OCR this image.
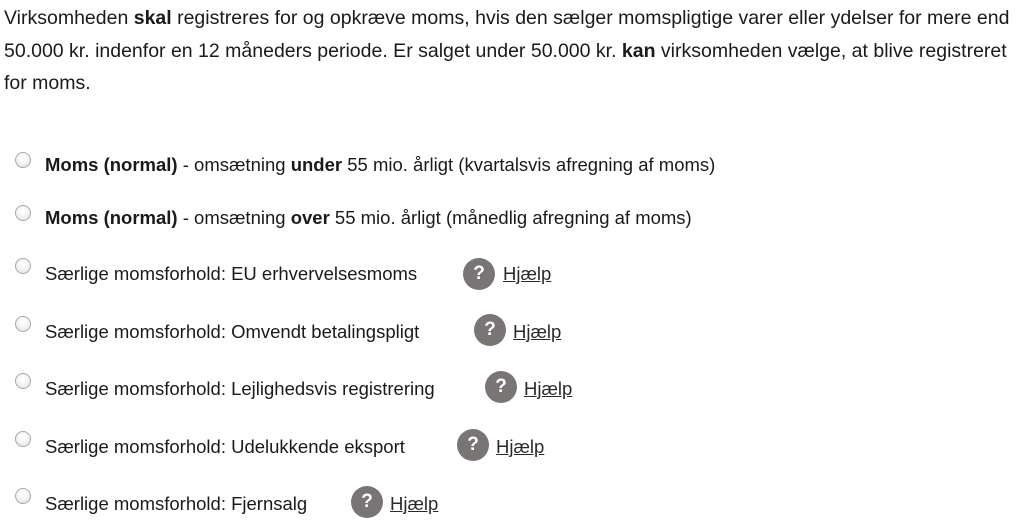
Virksomheden skal registreres for og opkræve moms, hvis den sælger momspligtige varer eller ydelser for mere end 50.000 kr. indenfor en 12 måneders periode. Er salget under 50.000 kr. kan virksomheden vælge, at blive registreret for moms.

Moms (normal) - omsætning under 55 mio. årligt (kvartalsvis afregning af moms)
Moms (normal) - omsætning over 55 mio. årligt (månedlig afregning af moms)
Særlige momsforhold: EU erhvervelsesmoms	? Hjælp
Særlige momsforhold: Omvendt betalingspligt	? Hjælp
Særlige momsforhold: Lejlighedsvis registrering	? Hjælp
Særlige momsforhold: Udelukkende eksport	? Hjælp
Særlige momsforhold: Fjernsalg	? Hjælp
